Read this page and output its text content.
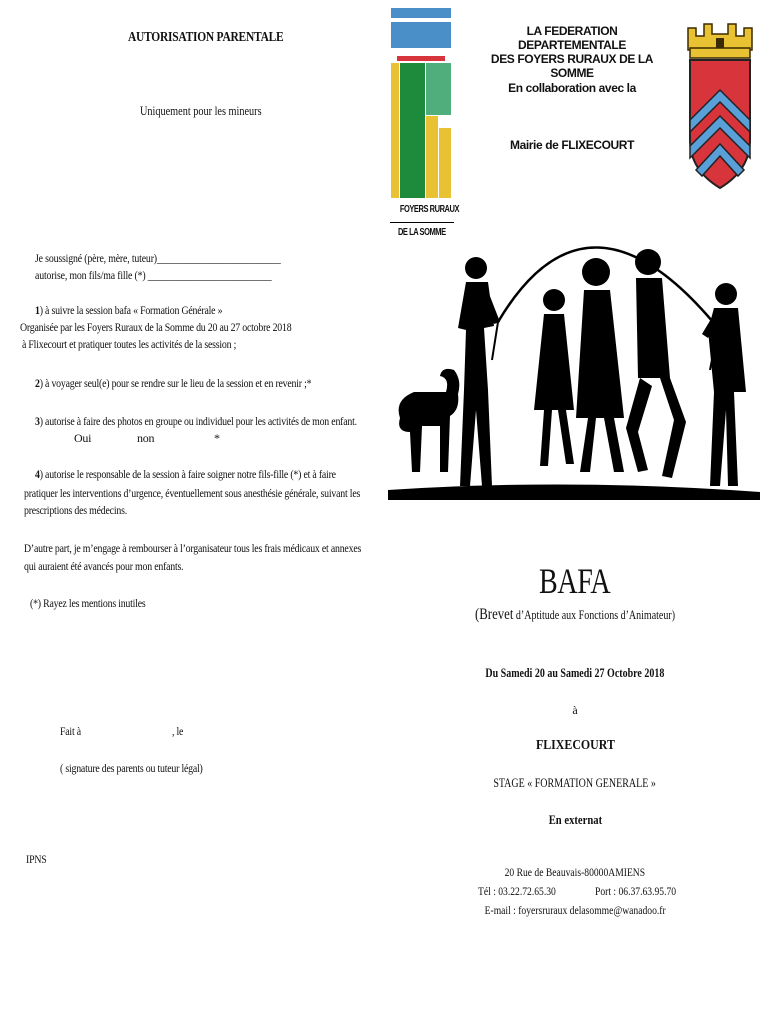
AUTORISATION PARENTALE
Uniquement pour les mineurs
Je soussigné (père, mère, tuteur)__________________________
autorise, mon fils/ma fille (*) __________________________
1) à suivre la session bafa « Formation Générale »
Organisée par les Foyers Ruraux de la Somme du 20 au 27 octobre 2018
à Flixecourt et pratiquer toutes les activités de la session ;
2) à voyager seul(e) pour se rendre sur le lieu de la session et en revenir ;*
3) autorise à faire des photos en groupe ou individuel pour les activités de mon enfant.
Oui	non	*
4) autorise le responsable de la session à faire soigner notre fils-fille (*) et à faire
pratiquer les interventions d’urgence, éventuellement sous anesthésie générale, suivant les
prescriptions des médecins.
D’autre part, je m’engage à rembourser à l’organisateur tous les frais médicaux et annexes
qui auraient été avancés pour mon enfants.
(*) Rayez les mentions inutiles
Fait à	, le
( signature des parents ou tuteur légal)
IPNS
FOYERS RURAUX
DE LA SOMME
LA FEDERATION DEPARTEMENTALE
DES FOYERS RURAUX DE LA SOMME
En collaboration avec la
Mairie de FLIXECOURT
BAFA
(Brevet d’Aptitude aux Fonctions d’Animateur)
Du Samedi 20 au Samedi 27 Octobre 2018
à
FLIXECOURT
STAGE « FORMATION GENERALE »
En externat
20 Rue de Beauvais-80000AMIENS
Tél : 03.22.72.65.30	Port : 06.37.63.95.70
E-mail : foyersruraux delasomme@wanadoo.fr
